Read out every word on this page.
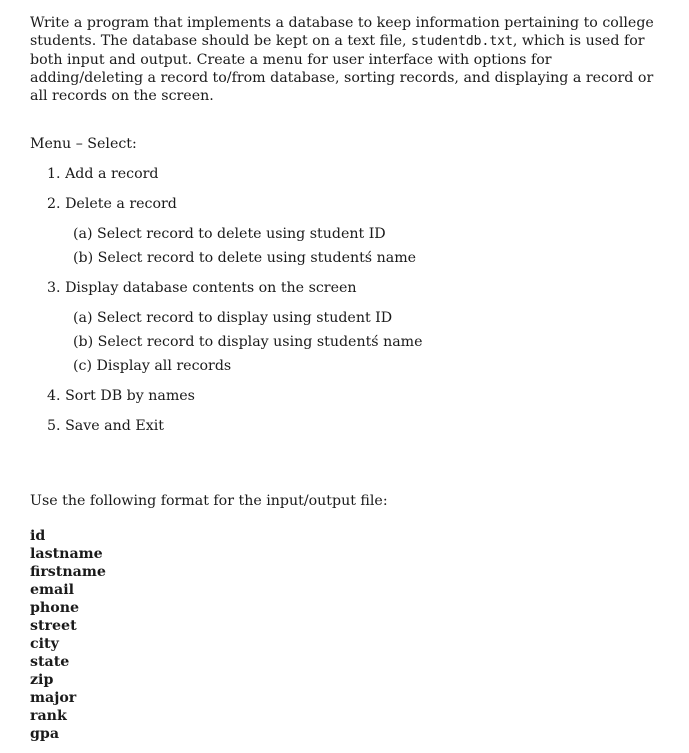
Write a program that implements a database to keep information pertaining to college students. The database should be kept on a text file, studentdb.txt, which is used for both input and output. Create a menu for user interface with options for adding/deleting a record to/from database, sorting records, and displaying a record or all records on the screen.

Menu – Select:
1. Add a record
2. Delete a record
(a) Select record to delete using student ID
(b) Select record to delete using studentś name
3. Display database contents on the screen
(a) Select record to display using student ID
(b) Select record to display using studentś name
(c) Display all records
4. Sort DB by names
5. Save and Exit
Use the following format for the input/output file:
id
lastname
firstname
email
phone
street
city
state
zip
major
rank
gpa
